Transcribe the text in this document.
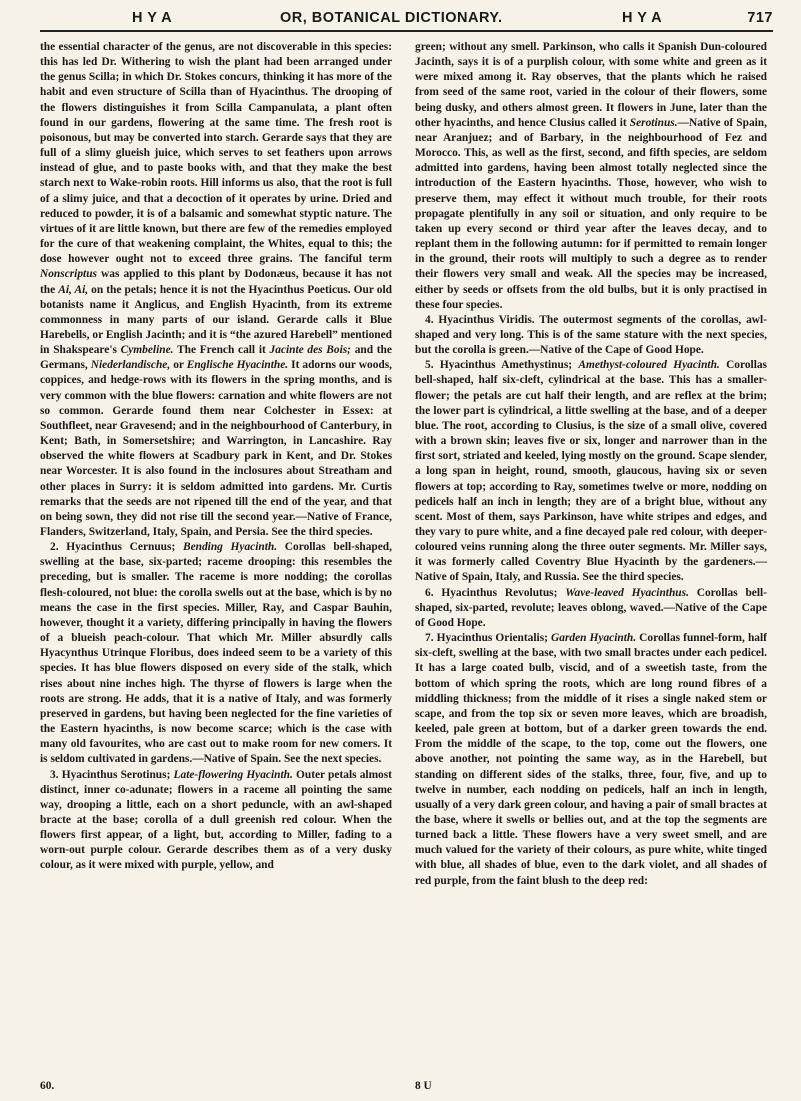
H Y A	OR, BOTANICAL DICTIONARY.	H Y A	717

the essential character of the genus, are not discoverable in this species: this has led Dr. Withering to wish the plant had been arranged under the genus Scilla; in which Dr. Stokes concurs, thinking it has more of the habit and even structure of Scilla than of Hyacinthus. The drooping of the flowers distinguishes it from Scilla Campanulata, a plant often found in our gardens, flowering at the same time. The fresh root is poisonous, but may be converted into starch. Gerarde says that they are full of a slimy glueish juice, which serves to set feathers upon arrows instead of glue, and to paste books with, and that they make the best starch next to Wake-robin roots. Hill informs us also, that the root is full of a slimy juice, and that a decoction of it operates by urine. Dried and reduced to powder, it is of a balsamic and somewhat styptic nature. The virtues of it are little known, but there are few of the remedies employed for the cure of that weakening complaint, the Whites, equal to this; the dose however ought not to exceed three grains. The fanciful term Nonscriptus was applied to this plant by Dodonæus, because it has not the Ai, Ai, on the petals; hence it is not the Hyacinthus Poeticus. Our old botanists name it Anglicus, and English Hyacinth, from its extreme commonness in many parts of our island. Gerarde calls it Blue Harebells, or English Jacinth; and it is “the azured Harebell” mentioned in Shakspeare's Cymbeline. The French call it Jacinte des Bois; and the Germans, Niederlandische, or Englische Hyacinthe. It adorns our woods, coppices, and hedge-rows with its flowers in the spring months, and is very common with the blue flowers: carnation and white flowers are not so common. Gerarde found them near Colchester in Essex: at Southfleet, near Gravesend; and in the neighbourhood of Canterbury, in Kent; Bath, in Somersetshire; and Warrington, in Lancashire. Ray observed the white flowers at Scadbury park in Kent, and Dr. Stokes near Worcester. It is also found in the inclosures about Streatham and other places in Surry: it is seldom admitted into gardens. Mr. Curtis remarks that the seeds are not ripened till the end of the year, and that on being sown, they did not rise till the second year.—Native of France, Flanders, Switzerland, Italy, Spain, and Persia. See the third species.

2. Hyacinthus Cernuus; Bending Hyacinth. Corollas bell-shaped, swelling at the base, six-parted; raceme drooping: this resembles the preceding, but is smaller. The raceme is more nodding; the corollas flesh-coloured, not blue: the corolla swells out at the base, which is by no means the case in the first species. Miller, Ray, and Caspar Bauhin, however, thought it a variety, differing principally in having the flowers of a blueish peach-colour. That which Mr. Miller absurdly calls Hyacynthus Utrinque Floribus, does indeed seem to be a variety of this species. It has blue flowers disposed on every side of the stalk, which rises about nine inches high. The thyrse of flowers is large when the roots are strong. He adds, that it is a native of Italy, and was formerly preserved in gardens, but having been neglected for the fine varieties of the Eastern hyacinths, is now become scarce; which is the case with many old favourites, who are cast out to make room for new comers. It is seldom cultivated in gardens.—Native of Spain. See the next species.

3. Hyacinthus Serotinus; Late-flowering Hyacinth. Outer petals almost distinct, inner co-adunate; flowers in a raceme all pointing the same way, drooping a little, each on a short peduncle, with an awl-shaped bracte at the base; corolla of a dull greenish red colour. When the flowers first appear, of a light, but, according to Miller, fading to a worn-out purple colour. Gerarde describes them as of a very dusky colour, as it were mixed with purple, yellow, and

60.

green; without any smell. Parkinson, who calls it Spanish Dun-coloured Jacinth, says it is of a purplish colour, with some white and green as it were mixed among it. Ray observes, that the plants which he raised from seed of the same root, varied in the colour of their flowers, some being dusky, and others almost green. It flowers in June, later than the other hyacinths, and hence Clusius called it Serotinus.—Native of Spain, near Aranjuez; and of Barbary, in the neighbourhood of Fez and Morocco. This, as well as the first, second, and fifth species, are seldom admitted into gardens, having been almost totally neglected since the introduction of the Eastern hyacinths. Those, however, who wish to preserve them, may effect it without much trouble, for their roots propagate plentifully in any soil or situation, and only require to be taken up every second or third year after the leaves decay, and to replant them in the following autumn: for if permitted to remain longer in the ground, their roots will multiply to such a degree as to render their flowers very small and weak. All the species may be increased, either by seeds or offsets from the old bulbs, but it is only practised in these four species.

4. Hyacinthus Viridis. The outermost segments of the corollas, awl-shaped and very long. This is of the same stature with the next species, but the corolla is green.—Native of the Cape of Good Hope.

5. Hyacinthus Amethystinus; Amethyst-coloured Hyacinth. Corollas bell-shaped, half six-cleft, cylindrical at the base. This has a smaller-flower; the petals are cut half their length, and are reflex at the brim; the lower part is cylindrical, a little swelling at the base, and of a deeper blue. The root, according to Clusius, is the size of a small olive, covered with a brown skin; leaves five or six, longer and narrower than in the first sort, striated and keeled, lying mostly on the ground. Scape slender, a long span in height, round, smooth, glaucous, having six or seven flowers at top; according to Ray, sometimes twelve or more, nodding on pedicels half an inch in length; they are of a bright blue, without any scent. Most of them, says Parkinson, have white stripes and edges, and they vary to pure white, and a fine decayed pale red colour, with deeper-coloured veins running along the three outer segments. Mr. Miller says, it was formerly called Coventry Blue Hyacinth by the gardeners.—Native of Spain, Italy, and Russia. See the third species.

6. Hyacinthus Revolutus; Wave-leaved Hyacinthus. Corollas bell-shaped, six-parted, revolute; leaves oblong, waved.—Native of the Cape of Good Hope.

7. Hyacinthus Orientalis; Garden Hyacinth. Corollas funnel-form, half six-cleft, swelling at the base, with two small bractes under each pedicel. It has a large coated bulb, viscid, and of a sweetish taste, from the bottom of which spring the roots, which are long round fibres of a middling thickness; from the middle of it rises a single naked stem or scape, and from the top six or seven more leaves, which are broadish, keeled, pale green at bottom, but of a darker green towards the end. From the middle of the scape, to the top, come out the flowers, one above another, not pointing the same way, as in the Harebell, but standing on different sides of the stalks, three, four, five, and up to twelve in number, each nodding on pedicels, half an inch in length, usually of a very dark green colour, and having a pair of small bractes at the base, where it swells or bellies out, and at the top the segments are turned back a little. These flowers have a very sweet smell, and are much valued for the variety of their colours, as pure white, white tinged with blue, all shades of blue, even to the dark violet, and all shades of red purple, from the faint blush to the deep red:

8 U
